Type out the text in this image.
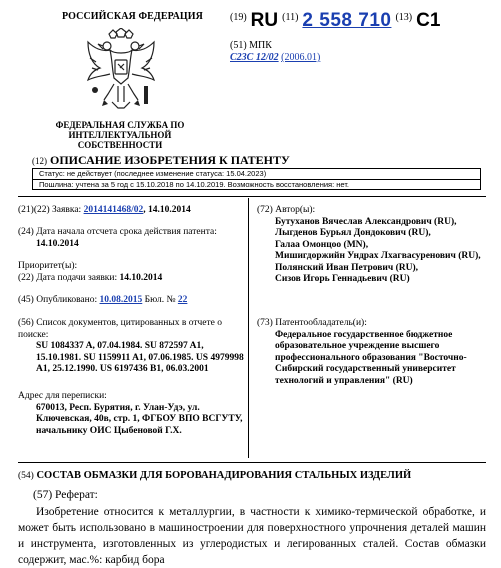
РОССИЙСКАЯ ФЕДЕРАЦИЯ
ФЕДЕРАЛЬНАЯ СЛУЖБА ПО ИНТЕЛЛЕКТУАЛЬНОЙ СОБСТВЕННОСТИ
$^{(19)}$ RU $^{(11)}$ 2 558 710 $^{(13)}$ C1
(51) МПК
C23C 12/02 (2006.01)
(12) ОПИСАНИЕ ИЗОБРЕТЕНИЯ К ПАТЕНТУ
Статус: не действует (последнее изменение статуса: 15.04.2023)
Пошлина: учтена за 5 год с 15.10.2018 по 14.10.2019. Возможность восстановления: нет.
(21)(22) Заявка: 2014141468/02, 14.10.2014
(24) Дата начала отсчета срока действия патента:
14.10.2014
Приоритет(ы):
(22) Дата подачи заявки: 14.10.2014
(45) Опубликовано: 10.08.2015 Бюл. № 22
(56) Список документов, цитированных в отчете о поиске:
SU 1084337 A, 07.04.1984. SU 872597 A1, 15.10.1981. SU 1159911 A1, 07.06.1985. US 4979998 A1, 25.12.1990. US 6197436 B1, 06.03.2001
Адрес для переписки:
670013, Респ. Бурятия, г. Улан-Удэ, ул. Ключевская, 40в, стр. 1, ФГБОУ ВПО ВСГУТУ, начальнику ОИС Цыбеновой Г.Х.
(72) Автор(ы):
Бутуханов Вячеслав Александрович (RU),
Лыгденов Бурьял Дондокович (RU),
Галаа Омонцоо (MN),
Мишигдоржийн Ундрах Лхагвасуренович (RU),
Полянский Иван Петрович (RU),
Сизов Игорь Геннадьевич (RU)
(73) Патентообладатель(и):
Федеральное государственное бюджетное образовательное учреждение высшего профессионального образования "Восточно-Сибирский государственный университет технологий и управления" (RU)
(54) СОСТАВ ОБМАЗКИ ДЛЯ БОРОВАНАДИРОВАНИЯ СТАЛЬНЫХ ИЗДЕЛИЙ
(57) Реферат:

Изобретение относится к металлургии, в частности к химико-термической обработке, и может быть использовано в машиностроении для поверхностного упрочнения деталей машин и инструмента, изготовленных из углеродистых и легированных сталей. Состав обмазки содержит, мас.%: карбид бора
